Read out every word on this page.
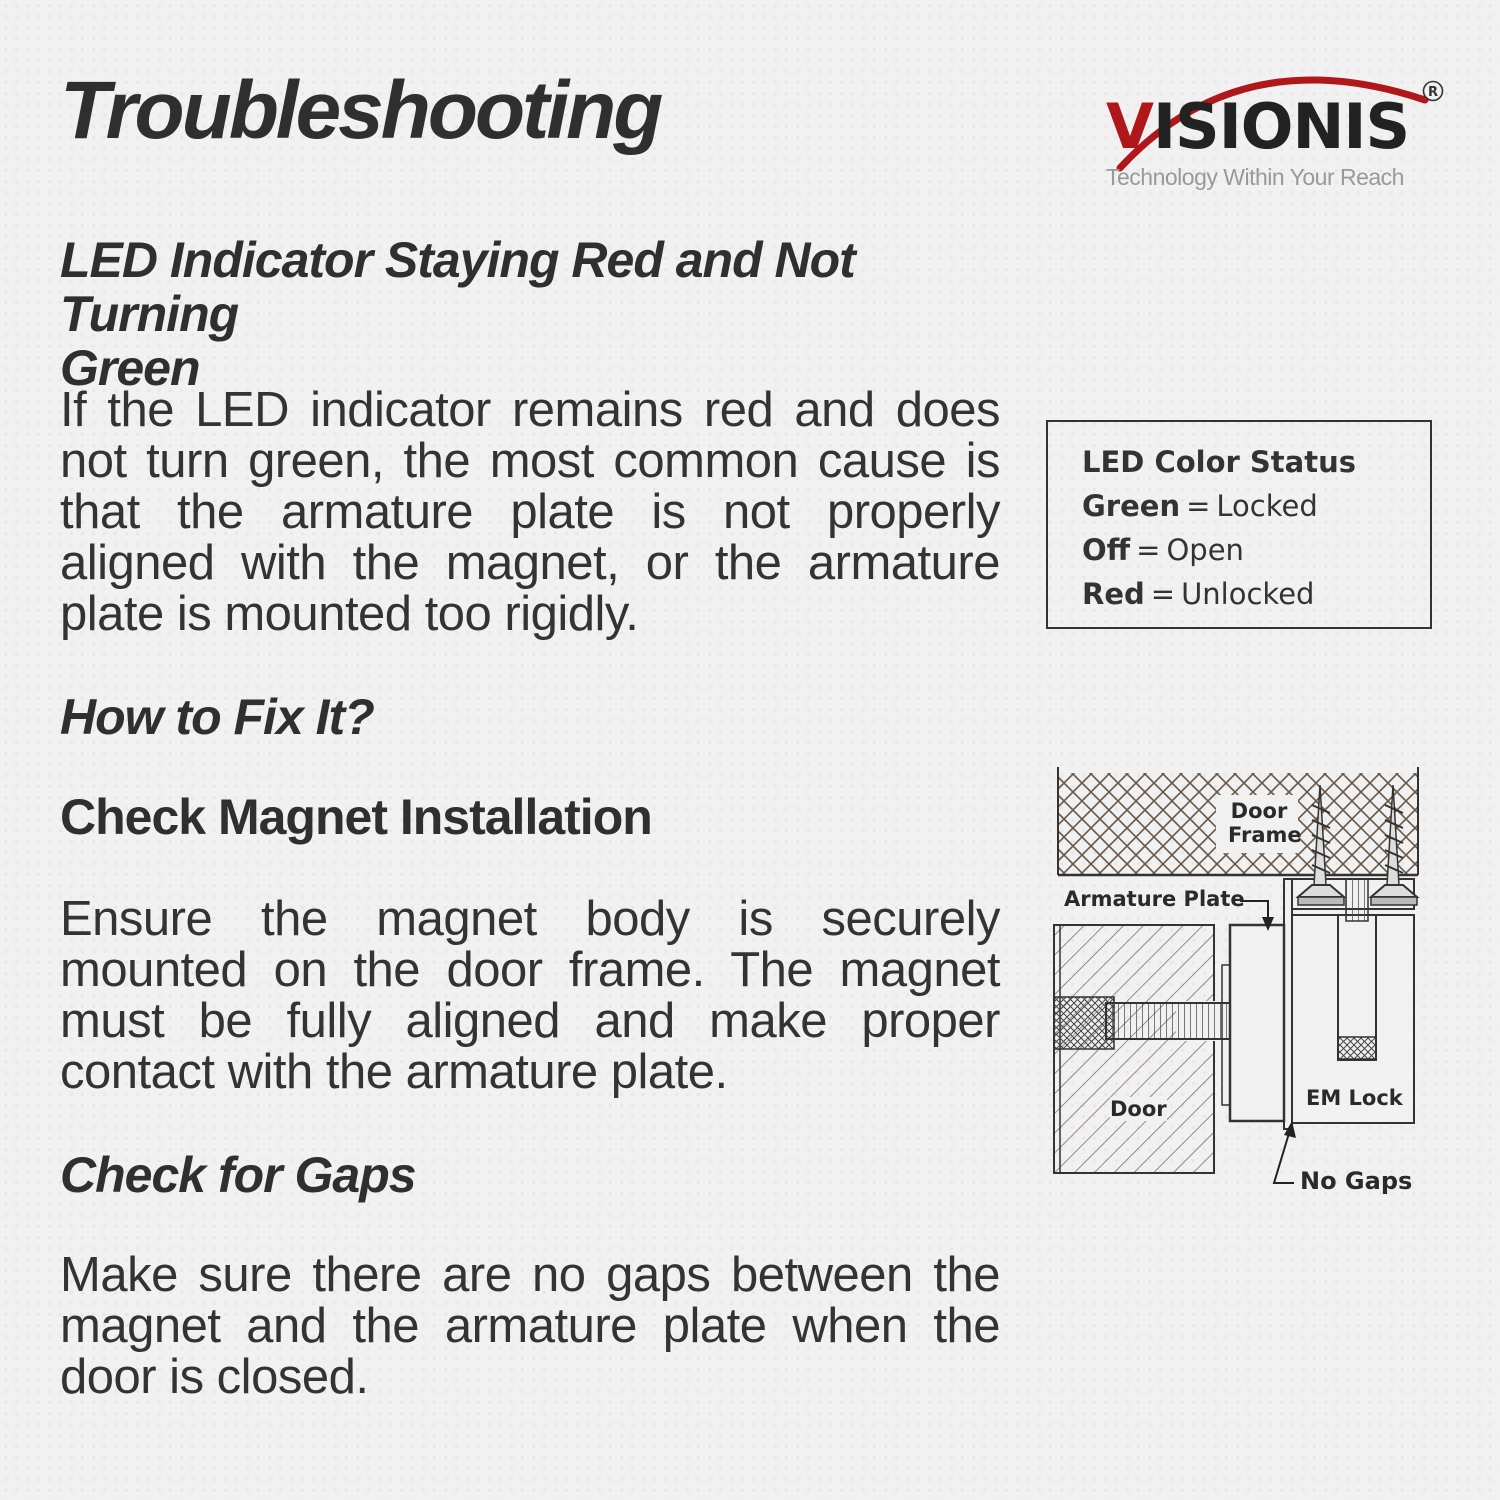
Troubleshooting	VISIONIS R

Technology Within Your Reach

LED Indicator Staying Red and Not Turning

Green

If the LED indicator remains red and does not turn green, the most common cause is that the armature plate is not properly aligned with the magnet, or the armature plate is mounted too rigidly.

How to Fix It?

Check Magnet Installation

Ensure the magnet body is securely mounted on the door frame. The magnet must be fully aligned and make proper contact with the armature plate.

Check for Gaps

Make sure there are no gaps between the magnet and the armature plate when the door is closed.

LED Color Status

Green = Locked

Off = Open

Red = Unlocked

Door
Frame

Armature Plate

Door	EM Lock

No Gaps
